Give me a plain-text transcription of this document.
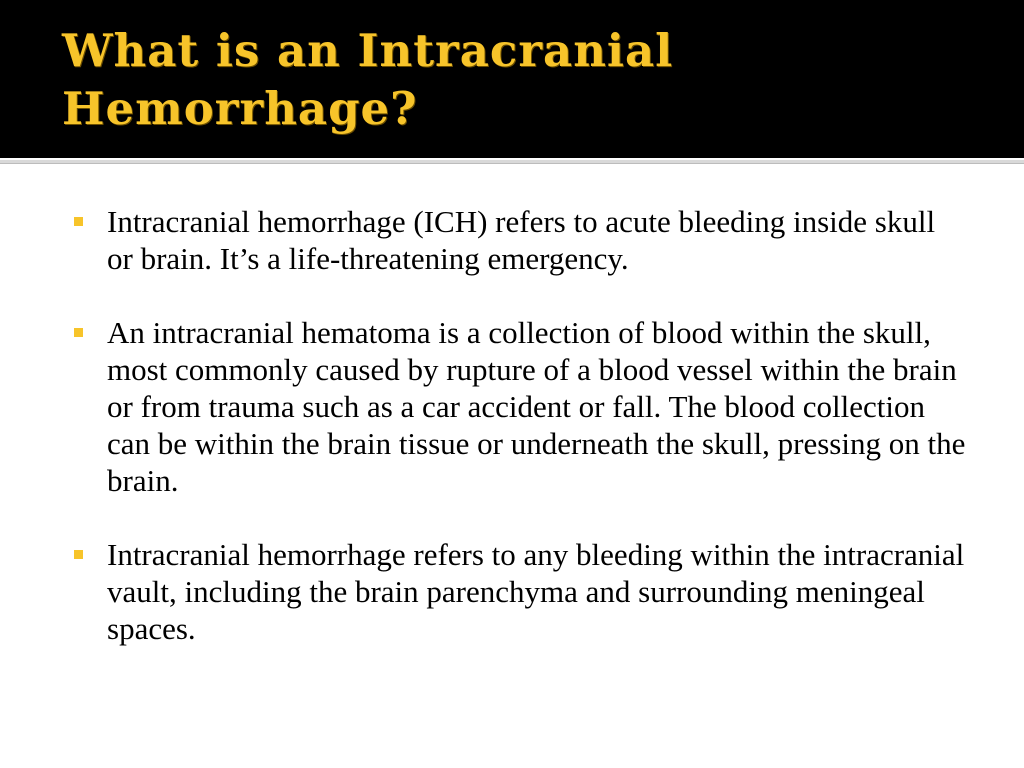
What is an Intracranial
Hemorrhage?
Intracranial hemorrhage (ICH) refers to acute bleeding inside skull or brain. It’s a life-threatening emergency.
An intracranial hematoma is a collection of blood within the skull, most commonly caused by rupture of a blood vessel within the brain or from trauma such as a car accident or fall. The blood collection can be within the brain tissue or underneath the skull, pressing on the brain.
Intracranial hemorrhage refers to any bleeding within the intracranial vault, including the brain parenchyma and surrounding meningeal spaces.
